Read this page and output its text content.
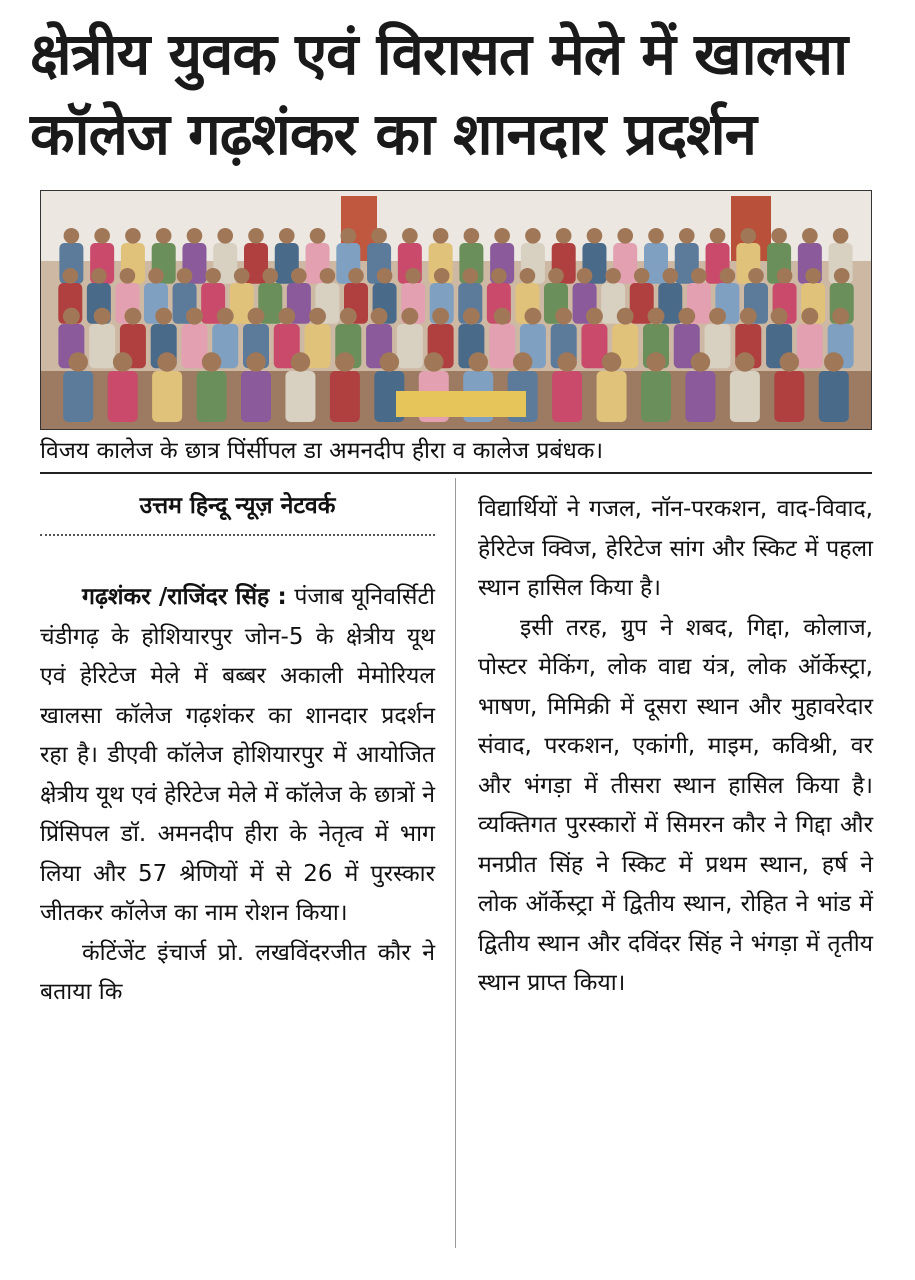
क्षेत्रीय युवक एवं विरासत मेले में खालसा कॉलेज गढ़शंकर का शानदार प्रदर्शन
विजय कालेज के छात्र पिंर्सीपल डा अमनदीप हीरा व कालेज प्रबंधक।
उत्तम हिन्दू न्यूज़ नेटवर्क

गढ़शंकर /राजिंदर सिंह : पंजाब यूनिवर्सिटी चंडीगढ़ के होशियारपुर जोन-5 के क्षेत्रीय यूथ एवं हेरिटेज मेले में बब्बर अकाली मेमोरियल खालसा कॉलेज गढ़शंकर का शानदार प्रदर्शन रहा है। डीएवी कॉलेज होशियारपुर में आयोजित क्षेत्रीय यूथ एवं हेरिटेज मेले में कॉलेज के छात्रों ने प्रिंसिपल डॉ. अमनदीप हीरा के नेतृत्व में भाग लिया और 57 श्रेणियों में से 26 में पुरस्कार जीतकर कॉलेज का नाम रोशन किया।

कंटिंजेंट इंचार्ज प्रो. लखविंदरजीत कौर ने बताया कि

विद्यार्थियों ने गजल, नॉन-परकशन, वाद-विवाद, हेरिटेज क्विज, हेरिटेज सांग और स्किट में पहला स्थान हासिल किया है।

इसी तरह, ग्रुप ने शबद, गिद्दा, कोलाज, पोस्टर मेकिंग, लोक वाद्य यंत्र, लोक ऑर्केस्ट्रा, भाषण, मिमिक्री में दूसरा स्थान और मुहावरेदार संवाद, परकशन, एकांगी, माइम, कविश्री, वर और भंगड़ा में तीसरा स्थान हासिल किया है। व्यक्तिगत पुरस्कारों में सिमरन कौर ने गिद्दा और मनप्रीत सिंह ने स्किट में प्रथम स्थान, हर्ष ने लोक ऑर्केस्ट्रा में द्वितीय स्थान, रोहित ने भांड में द्वितीय स्थान और दविंदर सिंह ने भंगड़ा में तृतीय स्थान प्राप्त किया।
